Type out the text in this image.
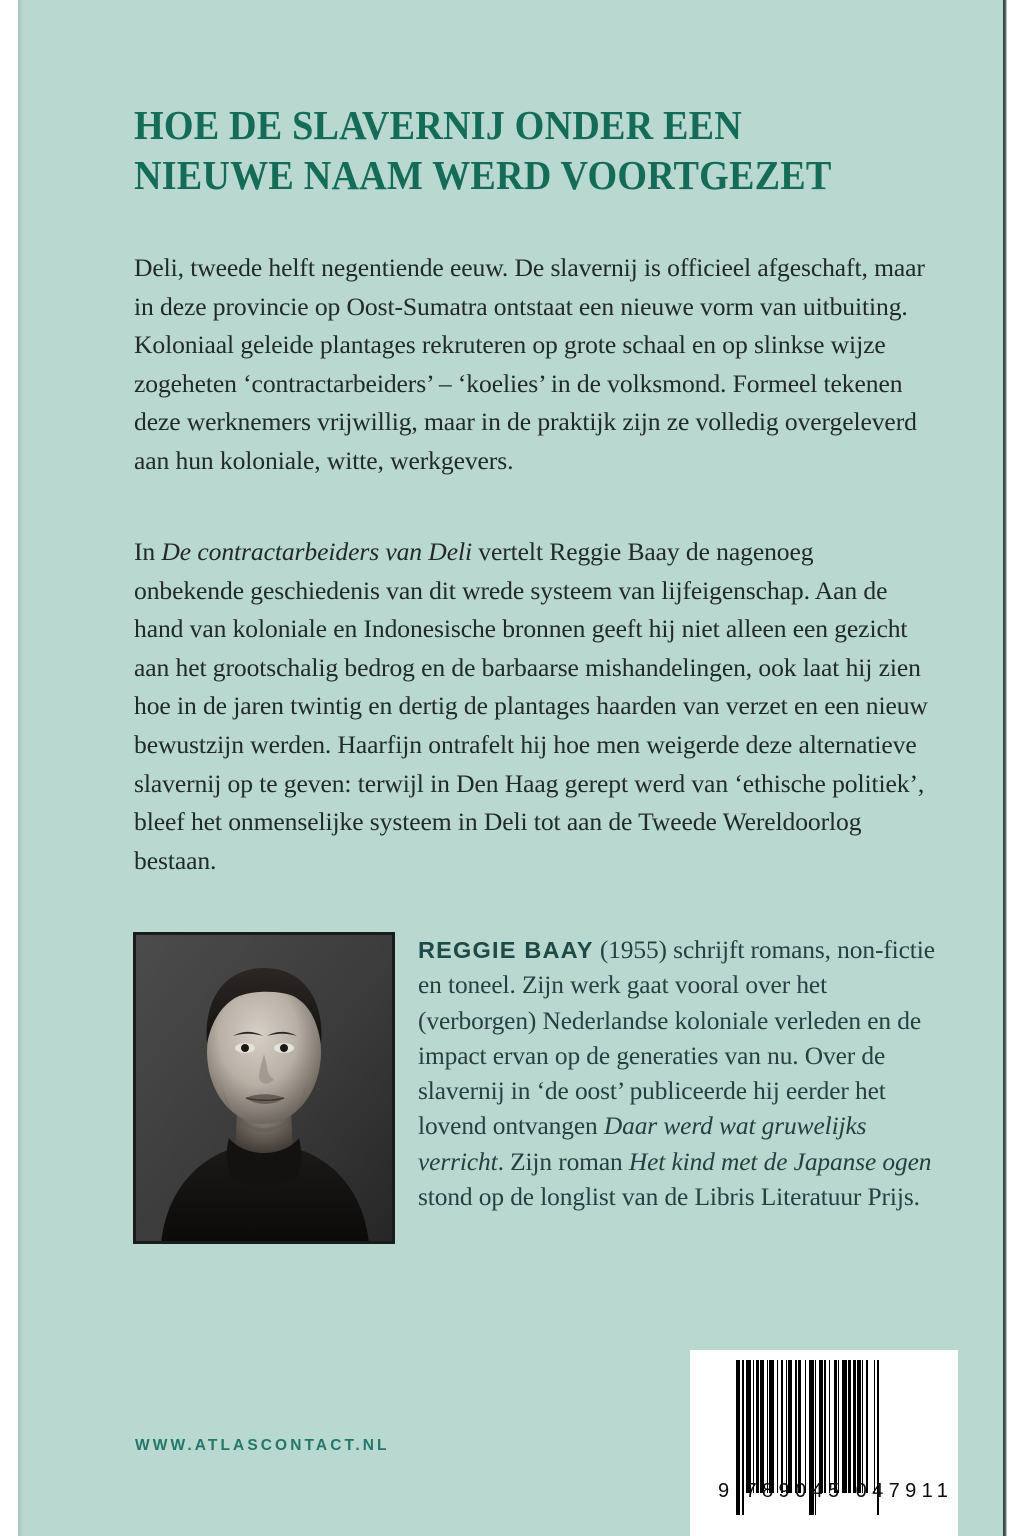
HOE DE SLAVERNIJ ONDER EEN
NIEUWE NAAM WERD VOORTGEZET

Deli, tweede helft negentiende eeuw. De slavernij is officieel afgeschaft, maar in deze provincie op Oost-Sumatra ontstaat een nieuwe vorm van uitbuiting. Koloniaal geleide plantages rekruteren op grote schaal en op slinkse wijze zogeheten ‘contractarbeiders’ – ‘koelies’ in de volksmond. Formeel tekenen deze werknemers vrijwillig, maar in de praktijk zijn ze volledig overgeleverd aan hun koloniale, witte, werkgevers.

In De contractarbeiders van Deli vertelt Reggie Baay de nagenoeg onbekende geschiedenis van dit wrede systeem van lijfeigenschap. Aan de hand van koloniale en Indonesische bronnen geeft hij niet alleen een gezicht aan het grootschalig bedrog en de barbaarse mishandelingen, ook laat hij zien hoe in de jaren twintig en dertig de plantages haarden van verzet en een nieuw bewustzijn werden. Haarfijn ontrafelt hij hoe men weigerde deze alternatieve slavernij op te geven: terwijl in Den Haag gerept werd van ‘ethische politiek’, bleef het onmenselijke systeem in Deli tot aan de Tweede Wereldoorlog bestaan.

REGGIE BAAY (1955) schrijft romans, non-fictie en toneel. Zijn werk gaat vooral over het (verborgen) Nederlandse koloniale verleden en de impact ervan op de generaties van nu. Over de slavernij in ‘de oost’ publiceerde hij eerder het lovend ontvangen Daar werd wat gruwelijks verricht. Zijn roman Het kind met de Japanse ogen stond op de longlist van de Libris Literatuur Prijs.

WWW.ATLASCONTACT.NL
9 789045 047911
